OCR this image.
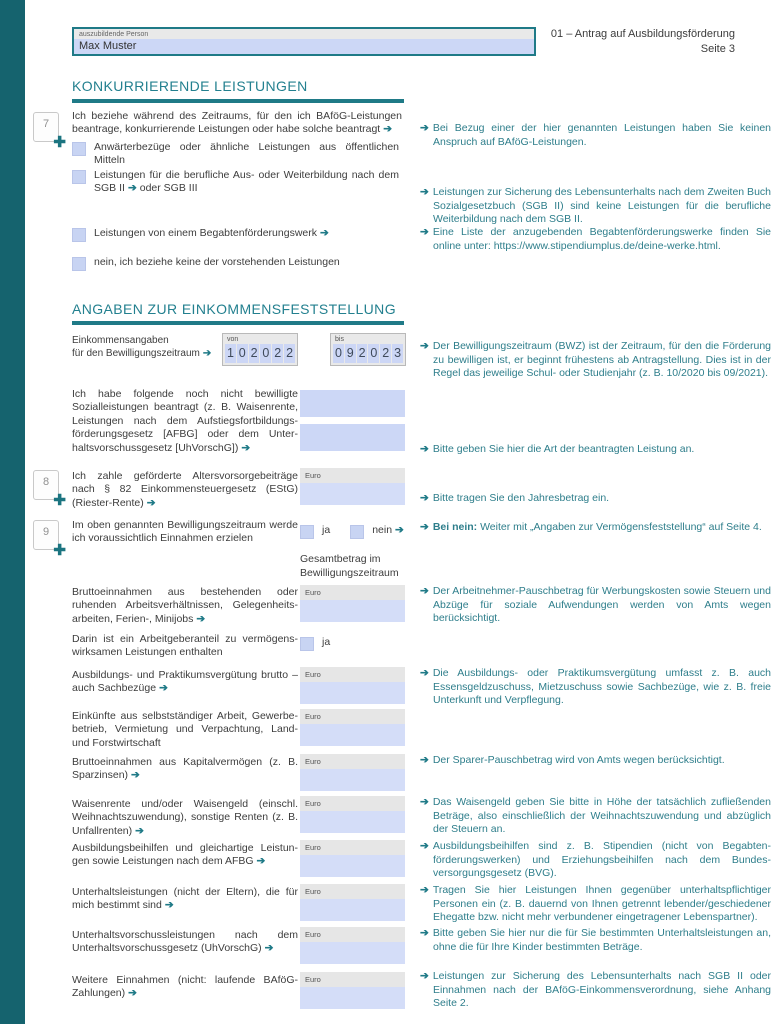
auszubildende Person
Max Muster
01 – Antrag auf Ausbildungsförderung
Seite 3
KONKURRIERENDE LEISTUNGEN
7
✚
Ich beziehe während des Zeitraums, für den ich BAföG-Leistungen beantrage, konkurrierende Leistungen oder habe solche beantragt ➔	➔ Bei Bezug einer der hier genannten Leistungen haben Sie keinen Anspruch auf BAföG-Leistungen.
Anwärterbezüge oder ähnliche Leistungen aus öffentlichen Mitteln
Leistungen für die berufliche Aus- oder Weiterbildung nach dem SGB II ➔ oder SGB III	➔ Leistungen zur Sicherung des Lebensunterhalts nach dem Zweiten Buch Sozialgesetzbuch (SGB II) sind keine Leistungen für die berufliche Weiterbildung nach dem SGB II.
Leistungen von einem Begabtenförderungswerk ➔	➔ Eine Liste der anzugebenden Begabtenförderungswerke finden Sie online unter: https://www.stipendiumplus.de/deine-werke.html.
nein, ich beziehe keine der vorstehenden Leistungen
ANGABEN ZUR EINKOMMENSFESTSTELLUNG
Einkommensangaben
für den Bewilligungszeitraum ➔
von
1 0 2 0 2 2
bis
0 9 2 0 2 3 ➔ Der Bewilligungszeitraum (BWZ) ist der Zeitraum, für den die Förderung zu bewilligen ist, er beginnt frühestens ab Antragstellung. Dies ist in der Regel das jeweilige Schul- oder Studienjahr (z. B. 10/2020 bis 09/2021).
Ich habe folgende noch nicht bewilligte Sozialleistungen beantragt (z. B. Waisenrente, Leistungen nach dem Aufstiegsfortbildungs-förderungsgesetz [AFBG] oder dem Unter-haltsvorschussgesetz [UhVorschG]) ➔	➔ Bitte geben Sie hier die Art der beantragten Leistung an.
8
✚
Ich zahle geförderte Altersvorsorgebeiträge nach § 82 Einkommensteuergesetz (EStG) (Riester-Rente) ➔
Euro
➔ Bitte tragen Sie den Jahresbetrag ein.
9
✚
Im oben genannten Bewilligungszeitraum werde ich voraussichtlich Einnahmen erzielen
ja	nein ➔ ➔ Bei nein: Weiter mit „Angaben zur Vermögensfeststellung“ auf Seite 4.
Gesamtbetrag im Bewilligungszeitraum
Bruttoeinnahmen aus bestehenden oder ruhenden Arbeitsverhältnissen, Gelegenheits-arbeiten, Ferien-, Minijobs ➔
Euro	➔ Der Arbeitnehmer-Pauschbetrag für Werbungskosten sowie Steuern und Abzüge für soziale Aufwendungen werden von Amts wegen berücksichtigt.
Darin ist ein Arbeitgeberanteil zu vermögens-wirksamen Leistungen enthalten
ja
Ausbildungs- und Praktikumsvergütung brutto – auch Sachbezüge ➔
Euro	➔ Die Ausbildungs- oder Praktikumsvergütung umfasst z. B. auch Essensgeldzuschuss, Mietzuschuss sowie Sachbezüge, wie z. B. freie Unterkunft und Verpflegung.
Einkünfte aus selbstständiger Arbeit, Gewerbe-betrieb, Vermietung und Verpachtung, Land- und Forstwirtschaft
Euro
Bruttoeinnahmen aus Kapitalvermögen (z. B. Sparzinsen) ➔
Euro	➔ Der Sparer-Pauschbetrag wird von Amts wegen berücksichtigt.
Waisenrente und/oder Waisengeld (einschl. Weihnachtszuwendung), sonstige Renten (z. B. Unfallrenten) ➔
Euro	➔ Das Waisengeld geben Sie bitte in Höhe der tatsächlich zufließenden Beträge, also einschließlich der Weihnachtszuwendung und abzüglich der Steuern an.
Ausbildungsbeihilfen und gleichartige Leistun-gen sowie Leistungen nach dem AFBG ➔
Euro	➔ Ausbildungsbeihilfen sind z. B. Stipendien (nicht von Begabten-förderungswerken) und Erziehungsbeihilfen nach dem Bundes-versorgungsgesetz (BVG).
Unterhaltsleistungen (nicht der Eltern), die für mich bestimmt sind ➔
Euro	➔ Tragen Sie hier Leistungen Ihnen gegenüber unterhaltspflichtiger Personen ein (z. B. dauernd von Ihnen getrennt lebender/geschiedener Ehegatte bzw. nicht mehr verbundener eingetragener Lebenspartner).
Unterhaltsvorschussleistungen nach dem Unterhaltsvorschussgesetz (UhVorschG) ➔
Euro	➔ Bitte geben Sie hier nur die für Sie bestimmten Unterhaltsleistungen an, ohne die für Ihre Kinder bestimmten Beträge.
Weitere Einnahmen (nicht: laufende BAföG-Zahlungen) ➔
Euro	➔ Leistungen zur Sicherung des Lebensunterhalts nach SGB II oder Einnahmen nach der BAföG-Einkommensverordnung, siehe Anhang Seite 2.
